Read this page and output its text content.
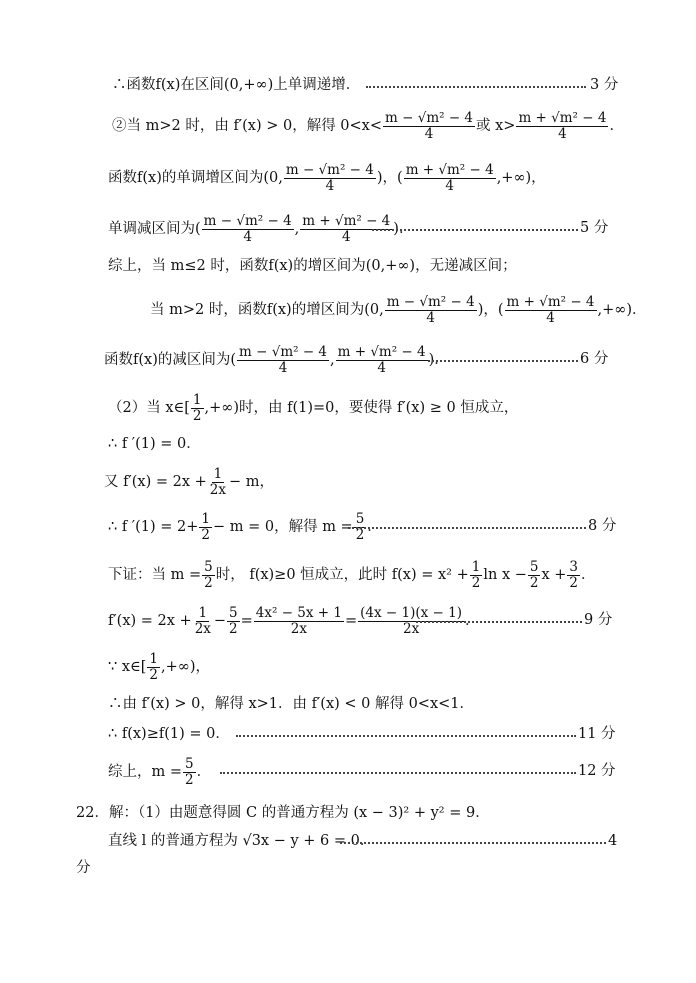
∴函数f(x)在区间(0,+∞)上单调递增．	3 分
②当 m>2 时，由 f′(x) > 0，解得 $0<x< \frac{\text{m − √m² − 4}}{4}$ 或 $x> \frac{\text{m + √m² − 4}}{4}$ ．
函数f(x)的单调增区间为(0, $\frac{\text{m − √m² − 4}}{4}$ )，( $\frac{\text{m + √m² − 4}}{4}$ ,+∞)，
单调减区间为( $\frac{\text{m − √m² − 4}}{4}$ , $\frac{\text{m + √m² − 4}}{4}$ )．	5 分
综上，当 m≤2 时，函数f(x)的增区间为(0,+∞)，无递减区间；
当 m>2 时，函数f(x)的增区间为(0, $\frac{\text{m − √m² − 4}}{4}$ )，( $\frac{\text{m + √m² − 4}}{4}$ ,+∞)．
函数f(x)的减区间为( $\frac{\text{m − √m² − 4}}{4}$ , $\frac{\text{m + √m² − 4}}{4}$ )．	6 分
（2）当 x∈[ $\frac{1}{2}$ ,+∞)时，由 f(1)=0，要使得 f′(x) ≥ 0 恒成立，
∴ f ′(1) = 0．
又 $f'(x) = 2x + \frac{1}{2x} - m$，
∴ f $'(1) = 2+ \frac{1}{2} - m = 0$，解得 $m = \frac{5}{2}$ ．	8 分
下证：当 $m = \frac{5}{2}$ 时， f(x)≥0 恒成立，此时 $f(x) = x^2 + \frac{1}{2}$ $\ln x - \frac{5}{2}$ $x + \frac{3}{2}$ ．
$f'(x) = 2x + \frac{1}{2x} - \frac{5}{2} = \frac{\text{4x² − 5x + 1}}{2x} = \frac{(4x - 1)(x - 1)}{2x}$ ．	9 分
∵ x∈[ $\frac{1}{2}$ ,+∞)，
∴由 f′(x) > 0，解得 x>1．由 f′(x) < 0 解得 0<x<1．
∴ f(x)≥f(1) = 0．	11 分
综上，$m = \frac{5}{2}$ ．	12 分
22．解：（1）由题意得圆 C 的普通方程为 (x − 3)² + y² = 9．
直线 l 的普通方程为 √3x − y + 6 = 0．	4
分
